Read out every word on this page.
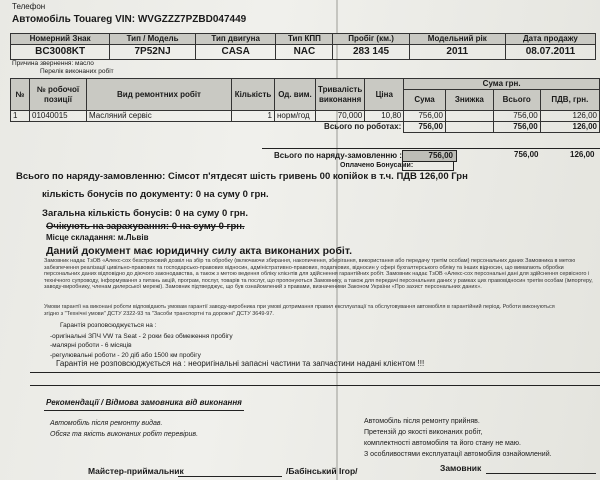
Телефон
Автомобіль Touareg VIN: WVGZZZ7PZBD047449
Номерний Знак	Тип / Модель	Тип двигуна	Тип КПП	Пробіг (км.)	Модельний рік	Дата продажу
BC3008KT	7P52NJ	CASA	NAC	283 145	2011	08.07.2011
Причина звернення: масло
Перелік виконаних робіт
№	№ робочої позиції	Вид ремонтних робіт	Кількість	Од. вим.	Тривалість виконання	Ціна	Сума грн.			
							Сума	Знижка	Всього	ПДВ, грн.
1	01040015	Масляний сервіс	1	норм/год	70,000	10,80	756,00		756,00	126,00
Всього по роботах:							756,00		756,00	126,00
Всього по наряду-замовленню :	756,00	756,00	126,00
Оплачено Бонусами:
Всього по наряду-замовленню: Сімсот п'ятдесят шість гривень 00 копійок в т.ч. ПДВ 126,00 Грн
кількість бонусів по документу: 0 на суму 0 грн.
Загальна кількість бонусів: 0 на суму 0 грн.
Очікують на зарахування: 0 на суму 0 грн.
Місце складання: м.Львів
Даний документ має юридичну силу акта виконаних робіт.
Замовник надає ТзОВ «Алекс-сох безстроковий дозвіл на збір та обробку (включаючи збирання, накопичення, зберігання, використання або передачу третім особам) персональних даних Замовника в метою забезпечення реалізації цивільно-правових та господарсько-правових відносин, адміністративно-правових, податкових, відносин у сфері бухгалтерського обліку та інших відносин, що вимагають обробки персональних даних відповідно до діючого законодавства, а також з метою ведення обліку клієнтів для здійснення гарантійних робіт. Замовник надає ТзОВ «Алекс-сох персональні дані для здійснення сервісного і технічного супроводу, інформування з питань акцій, програм, послуг, товарів та послуг, що пропонуються Замовнику, а також для передачі персональних даних у рамках цих правовідносин третім особам (імпортеру, заводу-виробнику, членам дилерської мережі). Замовник підтверджує, що був ознайомлений з правами, визначеними Законом України «Про захист персональних даних».
Умови гарантії на виконані роботи відповідають умовам гарантії заводу-виробника при умові дотримання правил експлуатації та обслуговування автомобіля в гарантійний період. Роботи виконуються згідно з "Технічні умови" ДСТУ 2322-93 та "Засоби транспортні та дорожні" ДСТУ 3649-97.
Гарантія розповсюджується на :
-оригінальні ЗПЧ VW та Seat - 2 роки без обмеження пробігу
-малярні роботи - 6 місяців
-регулювальні роботи - 20 діб або 1500 км пробігу
Гарантія не розповсюджується на : неоригінальні запасні частини та запчастини надані клієнтом !!!
Рекомендації / Відмова замовника від виконання
Автомобіль після ремонту видав.
Обсяг та якість виконаних робіт перевірив.
Автомобіль після ремонту прийняв.
Претензій до якості виконаних робіт,
комплектності автомобіля та його стану не маю.
З особливостями експлуатації автомобіля ознайомлений.
Майстер-приймальник	/Бабінський Ігор/	Замовник
